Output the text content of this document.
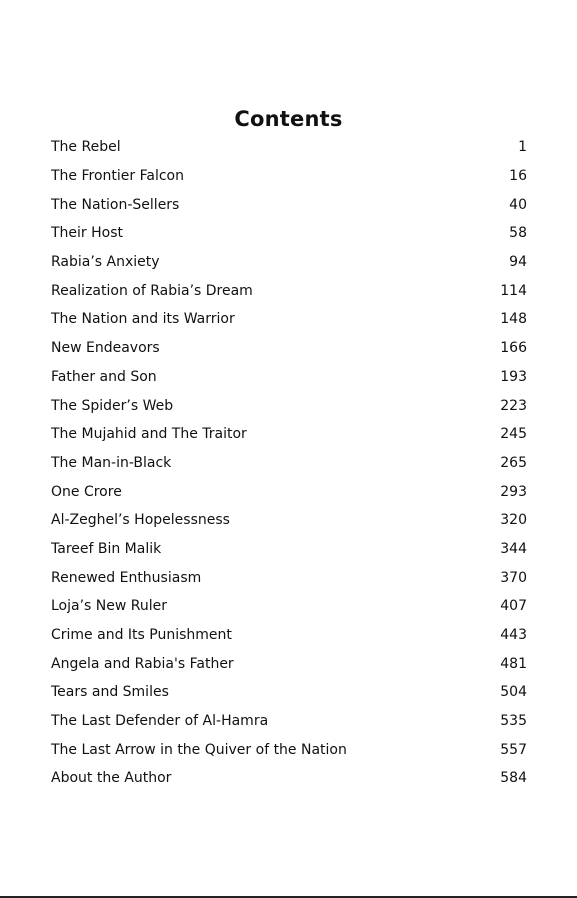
Contents
The Rebel	1
The Frontier Falcon	16
The Nation-Sellers	40
Their Host	58
Rabia’s Anxiety	94
Realization of Rabia’s Dream	114
The Nation and its Warrior	148
New Endeavors	166
Father and Son	193
The Spider’s Web	223
The Mujahid and The Traitor	245
The Man-in-Black	265
One Crore	293
Al-Zeghel’s Hopelessness	320
Tareef Bin Malik	344
Renewed Enthusiasm	370
Loja’s New Ruler	407
Crime and Its Punishment	443
Angela and Rabia's Father	481
Tears and Smiles	504
The Last Defender of Al-Hamra	535
The Last Arrow in the Quiver of the Nation	557
About the Author	584
